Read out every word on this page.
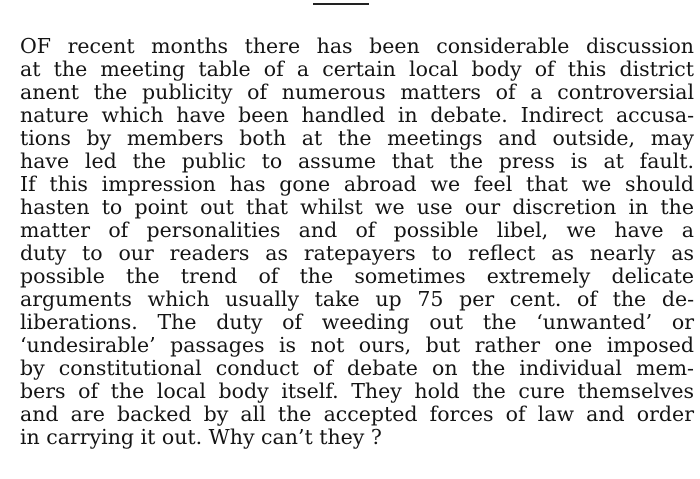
OF recent months there has been considerable discussion
at the meeting table of a certain local body of this district
anent the publicity of numerous matters of a controversial
nature which have been handled in debate. Indirect accusa-
tions by members both at the meetings and outside, may
have led the public to assume that the press is at fault.
If this impression has gone abroad we feel that we should
hasten to point out that whilst we use our discretion in the
matter of personalities and of possible libel, we have a
duty to our readers as ratepayers to reflect as nearly as
possible the trend of the sometimes extremely delicate
arguments which usually take up 75 per cent. of the de-
liberations. The duty of weeding out the ‘unwanted’ or
‘undesirable’ passages is not ours, but rather one imposed
by constitutional conduct of debate on the individual mem-
bers of the local body itself. They hold the cure themselves
and are backed by all the accepted forces of law and order
in carrying it out. Why can’t they ?
